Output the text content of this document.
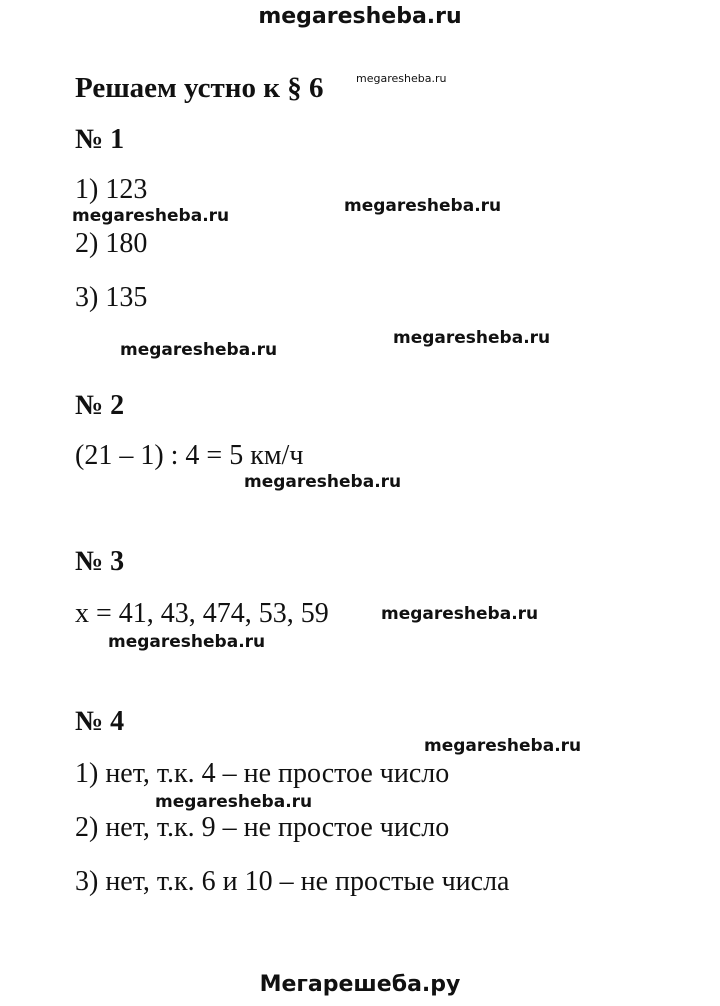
megaresheba.ru
Решаем устно к § 6
№ 1
1) 123
2) 180
3) 135
№ 2
(21 – 1) : 4 = 5 км/ч
№ 3
x = 41, 43, 474, 53, 59
№ 4
1) нет, т.к. 4 – не простое число
2) нет, т.к. 9 – не простое число
3) нет, т.к. 6 и 10 – не простые числа
megaresheba.ru
megaresheba.ru	megaresheba.ru
megaresheba.ru
megaresheba.ru
megaresheba.ru
megaresheba.ru
megaresheba.ru
megaresheba.ru
megaresheba.ru
Мегарешеба.ру
